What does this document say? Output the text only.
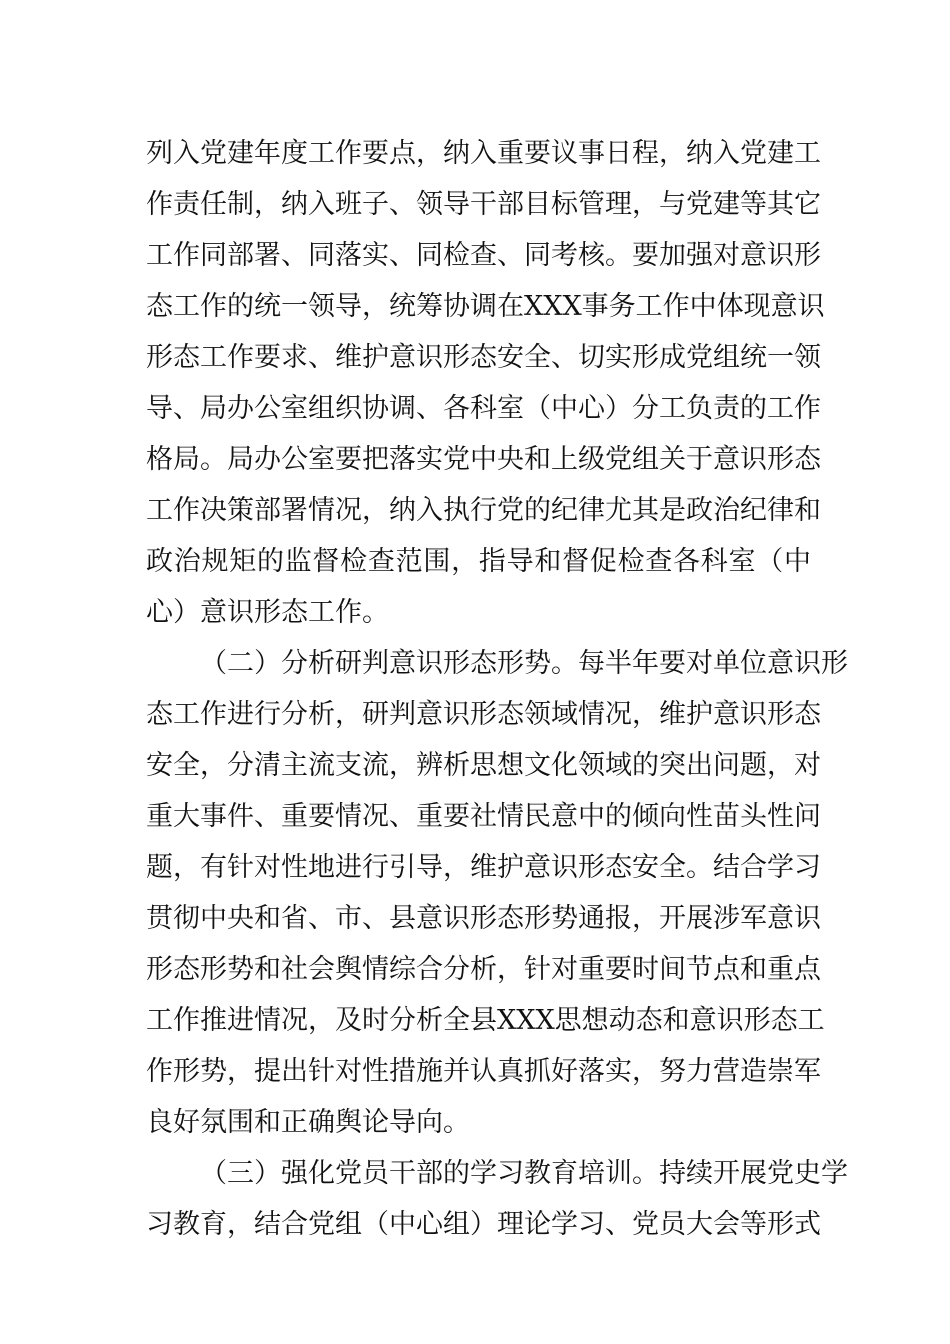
列入党建年度工作要点，纳入重要议事日程，纳入党建工
作责任制，纳入班子、领导干部目标管理，与党建等其它
工作同部署、同落实、同检查、同考核。要加强对意识形
态工作的统一领导，统筹协调在XXX事务工作中体现意识
形态工作要求、维护意识形态安全、切实形成党组统一领
导、局办公室组织协调、各科室（中心）分工负责的工作
格局。局办公室要把落实党中央和上级党组关于意识形态
工作决策部署情况，纳入执行党的纪律尤其是政治纪律和
政治规矩的监督检查范围，指导和督促检查各科室（中
心）意识形态工作。
（二）分析研判意识形态形势。每半年要对单位意识形
态工作进行分析，研判意识形态领域情况，维护意识形态
安全，分清主流支流，辨析思想文化领域的突出问题，对
重大事件、重要情况、重要社情民意中的倾向性苗头性问
题，有针对性地进行引导，维护意识形态安全。结合学习
贯彻中央和省、市、县意识形态形势通报，开展涉军意识
形态形势和社会舆情综合分析，针对重要时间节点和重点
工作推进情况，及时分析全县XXX思想动态和意识形态工
作形势，提出针对性措施并认真抓好落实，努力营造崇军
良好氛围和正确舆论导向。
（三）强化党员干部的学习教育培训。持续开展党史学
习教育，结合党组（中心组）理论学习、党员大会等形式
